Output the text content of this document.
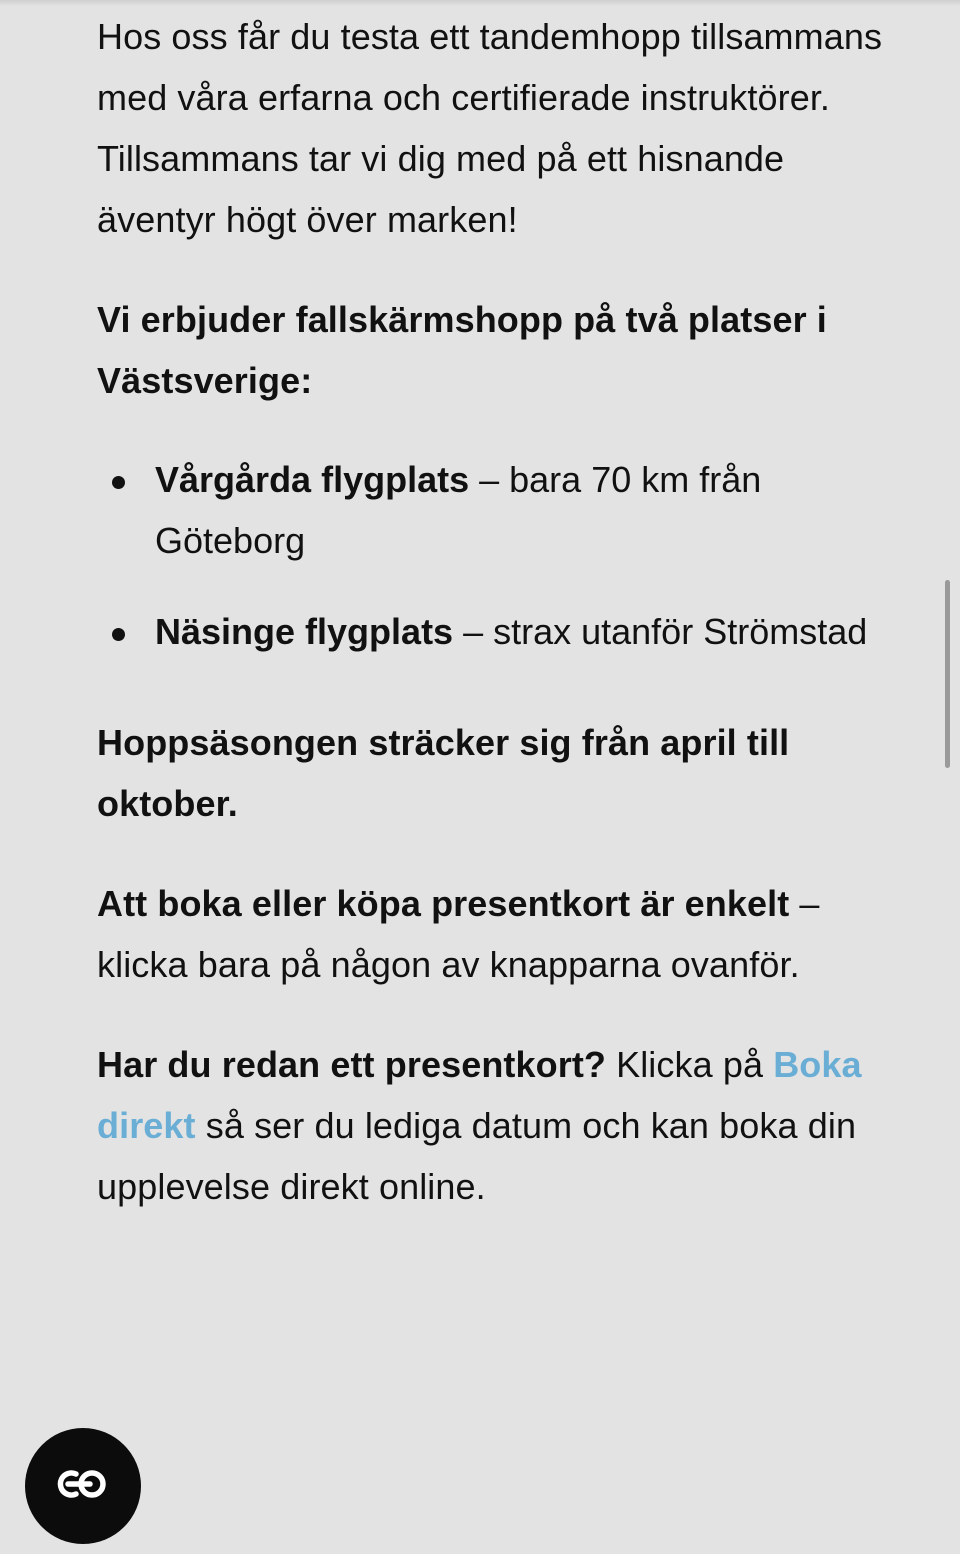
Hos oss får du testa ett tandemhopp tillsammans med våra erfarna och certifierade instruktörer. Tillsammans tar vi dig med på ett hisnande äventyr högt över marken!

Vi erbjuder fallskärmshopp på två platser i Västsverige:

Vårgårda flygplats – bara 70 km från Göteborg
Näsinge flygplats – strax utanför Strömstad

Hoppsäsongen sträcker sig från april till oktober.

Att boka eller köpa presentkort är enkelt – klicka bara på någon av knapparna ovanför.

Har du redan ett presentkort? Klicka på Boka direkt så ser du lediga datum och kan boka din upplevelse direkt online.
